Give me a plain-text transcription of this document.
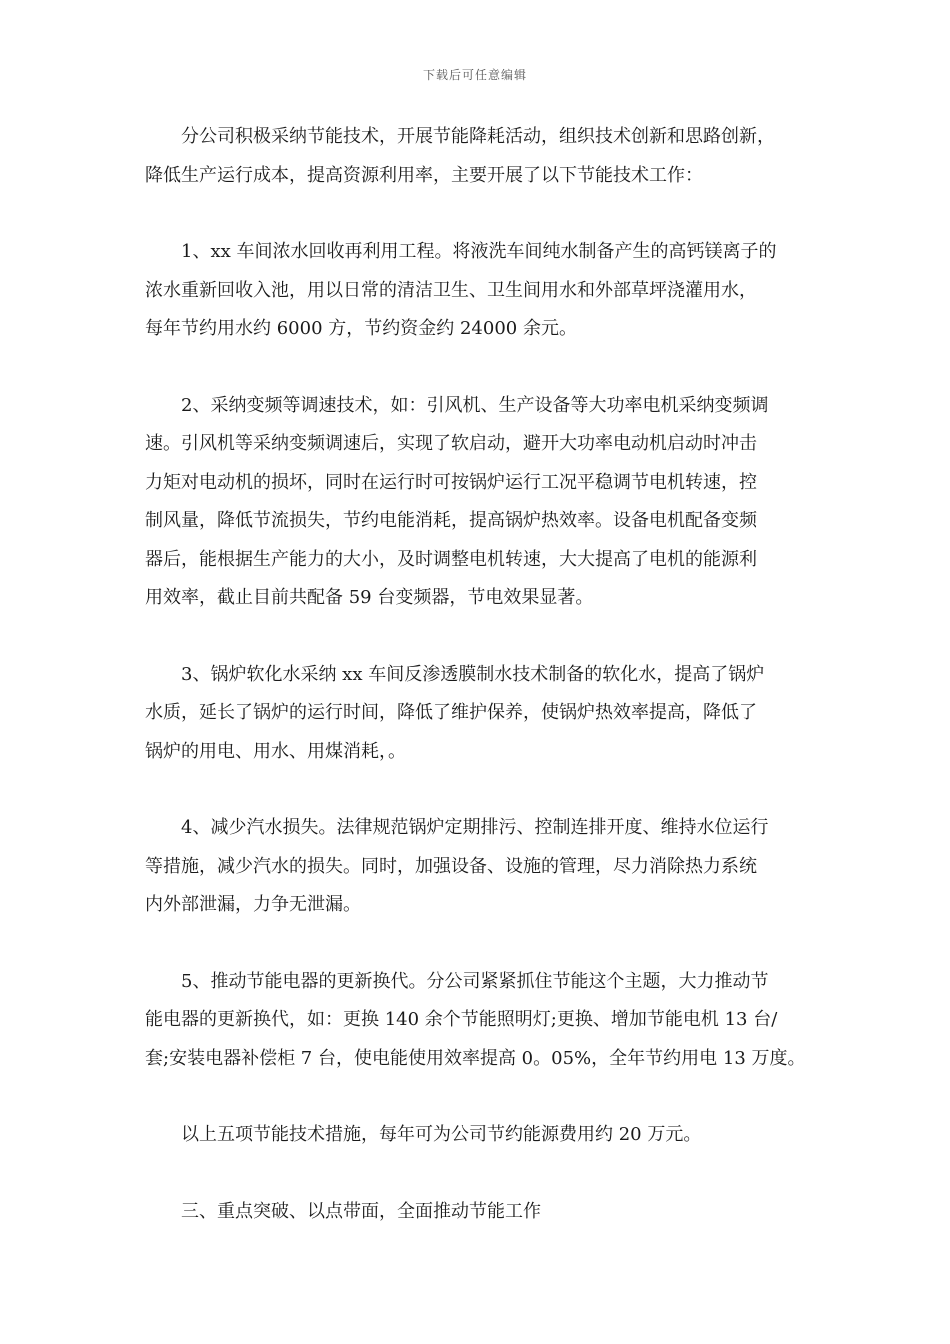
下载后可任意编辑
分公司积极采纳节能技术，开展节能降耗活动，组织技术创新和思路创新，
降低生产运行成本，提高资源利用率，主要开展了以下节能技术工作：
1、xx 车间浓水回收再利用工程。将液洗车间纯水制备产生的高钙镁离子的
浓水重新回收入池，用以日常的清洁卫生、卫生间用水和外部草坪浇灌用水，
每年节约用水约 6000 方，节约资金约 24000 余元。
2、采纳变频等调速技术，如：引风机、生产设备等大功率电机采纳变频调
速。引风机等采纳变频调速后，实现了软启动，避开大功率电动机启动时冲击
力矩对电动机的损坏，同时在运行时可按锅炉运行工况平稳调节电机转速，控
制风量，降低节流损失，节约电能消耗，提高锅炉热效率。设备电机配备变频
器后，能根据生产能力的大小，及时调整电机转速，大大提高了电机的能源利
用效率，截止目前共配备 59 台变频器，节电效果显著。
3、锅炉软化水采纳 xx 车间反渗透膜制水技术制备的软化水，提高了锅炉
水质，延长了锅炉的运行时间，降低了维护保养，使锅炉热效率提高，降低了
锅炉的用电、用水、用煤消耗，。
4、减少汽水损失。法律规范锅炉定期排污、控制连排开度、维持水位运行
等措施，减少汽水的损失。同时，加强设备、设施的管理，尽力消除热力系统
内外部泄漏，力争无泄漏。
5、推动节能电器的更新换代。分公司紧紧抓住节能这个主题，大力推动节
能电器的更新换代，如：更换 140 余个节能照明灯;更换、增加节能电机 13 台/
套;安装电器补偿柜 7 台，使电能使用效率提高 0。05%，全年节约用电 13 万度。
以上五项节能技术措施，每年可为公司节约能源费用约 20 万元。
三、重点突破、以点带面，全面推动节能工作
